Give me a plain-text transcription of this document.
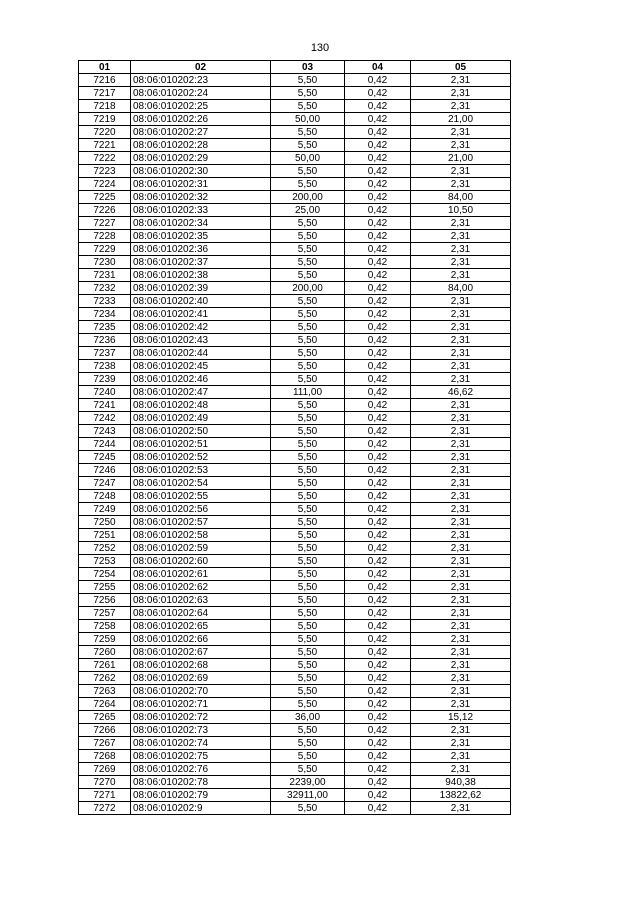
130
01	02	03	04	05
7216	08:06:010202:23	5,50	0,42	2,31
7217	08:06:010202:24	5,50	0,42	2,31
7218	08:06:010202:25	5,50	0,42	2,31
7219	08:06:010202:26	50,00	0,42	21,00
7220	08:06:010202:27	5,50	0,42	2,31
7221	08:06:010202:28	5,50	0,42	2,31
7222	08:06:010202:29	50,00	0,42	21,00
7223	08:06:010202:30	5,50	0,42	2,31
7224	08:06:010202:31	5,50	0,42	2,31
7225	08:06:010202:32	200,00	0,42	84,00
7226	08:06:010202:33	25,00	0,42	10,50
7227	08:06:010202:34	5,50	0,42	2,31
7228	08:06:010202:35	5,50	0,42	2,31
7229	08:06:010202:36	5,50	0,42	2,31
7230	08:06:010202:37	5,50	0,42	2,31
7231	08:06:010202:38	5,50	0,42	2,31
7232	08:06:010202:39	200,00	0,42	84,00
7233	08:06:010202:40	5,50	0,42	2,31
7234	08:06:010202:41	5,50	0,42	2,31
7235	08:06:010202:42	5,50	0,42	2,31
7236	08:06:010202:43	5,50	0,42	2,31
7237	08:06:010202:44	5,50	0,42	2,31
7238	08:06:010202:45	5,50	0,42	2,31
7239	08:06:010202:46	5,50	0,42	2,31
7240	08:06:010202:47	111,00	0,42	46,62
7241	08:06:010202:48	5,50	0,42	2,31
7242	08:06:010202:49	5,50	0,42	2,31
7243	08:06:010202:50	5,50	0,42	2,31
7244	08:06:010202:51	5,50	0,42	2,31
7245	08:06:010202:52	5,50	0,42	2,31
7246	08:06:010202:53	5,50	0,42	2,31
7247	08:06:010202:54	5,50	0,42	2,31
7248	08:06:010202:55	5,50	0,42	2,31
7249	08:06:010202:56	5,50	0,42	2,31
7250	08:06:010202:57	5,50	0,42	2,31
7251	08:06:010202:58	5,50	0,42	2,31
7252	08:06:010202:59	5,50	0,42	2,31
7253	08:06:010202:60	5,50	0,42	2,31
7254	08:06:010202:61	5,50	0,42	2,31
7255	08:06:010202:62	5,50	0,42	2,31
7256	08:06:010202:63	5,50	0,42	2,31
7257	08:06:010202:64	5,50	0,42	2,31
7258	08:06:010202:65	5,50	0,42	2,31
7259	08:06:010202:66	5,50	0,42	2,31
7260	08:06:010202:67	5,50	0,42	2,31
7261	08:06:010202:68	5,50	0,42	2,31
7262	08:06:010202:69	5,50	0,42	2,31
7263	08:06:010202:70	5,50	0,42	2,31
7264	08:06:010202:71	5,50	0,42	2,31
7265	08:06:010202:72	36,00	0,42	15,12
7266	08:06:010202:73	5,50	0,42	2,31
7267	08:06:010202:74	5,50	0,42	2,31
7268	08:06:010202:75	5,50	0,42	2,31
7269	08:06:010202:76	5,50	0,42	2,31
7270	08:06:010202:78	2239,00	0,42	940,38
7271	08:06:010202:79	32911,00	0,42	13822,62
7272	08:06:010202:9	5,50	0,42	2,31
